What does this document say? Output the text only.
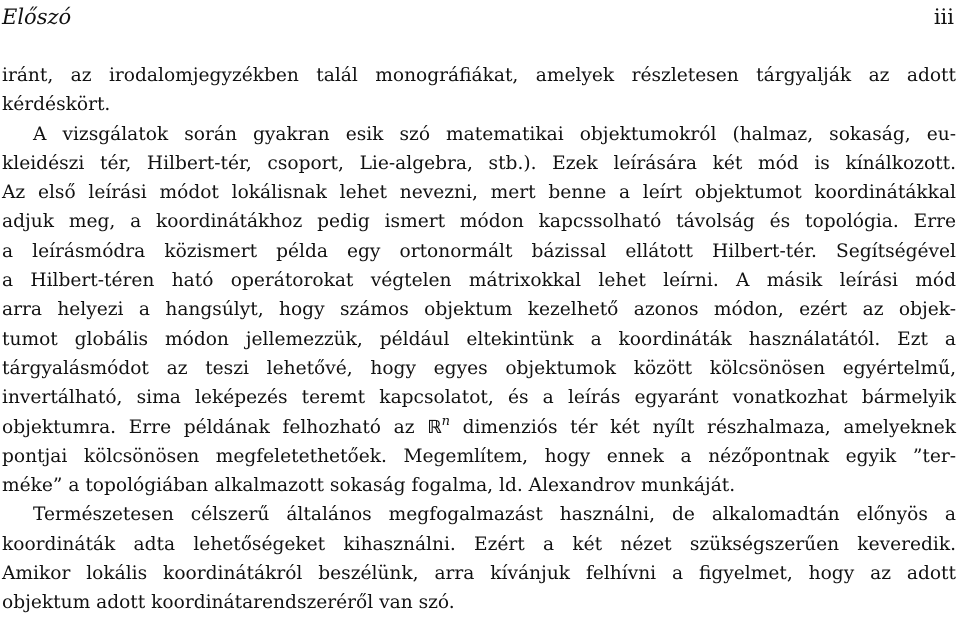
Előszó	iii
iránt, az irodalomjegyzékben talál monográfiákat, amelyek részletesen tárgyalják az adott
kérdéskört.
A vizsgálatok során gyakran esik szó matematikai objektumokról (halmaz, sokaság, eu-
kleidészi tér, Hilbert-tér, csoport, Lie-algebra, stb.). Ezek leírására két mód is kínálkozott.
Az első leírási módot lokálisnak lehet nevezni, mert benne a leírt objektumot koordinátákkal
adjuk meg, a koordinátákhoz pedig ismert módon kapcssolható távolság és topológia. Erre
a leírásmódra közismert példa egy ortonormált bázissal ellátott Hilbert-tér. Segítségével
a Hilbert-téren ható operátorokat végtelen mátrixokkal lehet leírni. A másik leírási mód
arra helyezi a hangsúlyt, hogy számos objektum kezelhető azonos módon, ezért az objek-
tumot globális módon jellemezzük, például eltekintünk a koordináták használatától. Ezt a
tárgyalásmódot az teszi lehetővé, hogy egyes objektumok között kölcsönösen egyértelmű,
invertálható, sima leképezés teremt kapcsolatot, és a leírás egyaránt vonatkozhat bármelyik
objektumra. Erre példának felhozható az ℝ$^n$ dimenziós tér két nyílt részhalmaza, amelyeknek
pontjai kölcsönösen megfeletethetőek. Megemlítem, hogy ennek a nézőpontnak egyik ”ter-
méke” a topológiában alkalmazott sokaság fogalma, ld. Alexandrov munkáját.
Természetesen célszerű általános megfogalmazást használni, de alkalomadtán előnyös a
koordináták adta lehetőségeket kihasználni. Ezért a két nézet szükségszerűen keveredik.
Amikor lokális koordinátákról beszélünk, arra kívánjuk felhívni a figyelmet, hogy az adott
objektum adott koordinátarendszeréről van szó.
